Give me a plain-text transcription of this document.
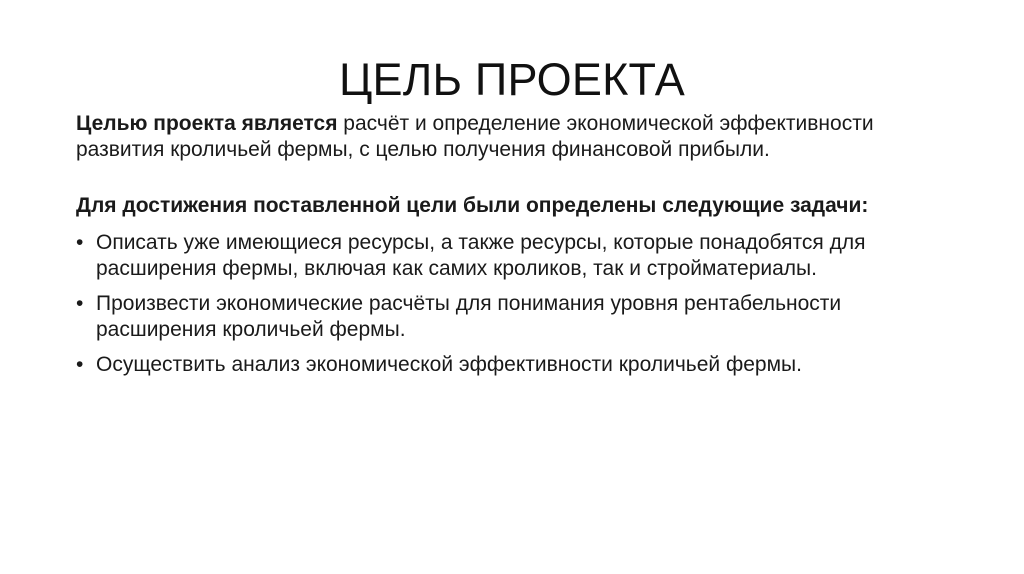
ЦЕЛЬ ПРОЕКТА

Целью проекта является расчёт и определение экономической эффективности развития кроличьей фермы, с целью получения финансовой прибыли.

Для достижения поставленной цели были определены следующие задачи:

• Описать уже имеющиеся ресурсы, а также ресурсы, которые понадобятся для расширения фермы, включая как самих кроликов, так и стройматериалы.
• Произвести экономические расчёты для понимания уровня рентабельности расширения кроличьей фермы.
• Осуществить анализ экономической эффективности кроличьей фермы.
